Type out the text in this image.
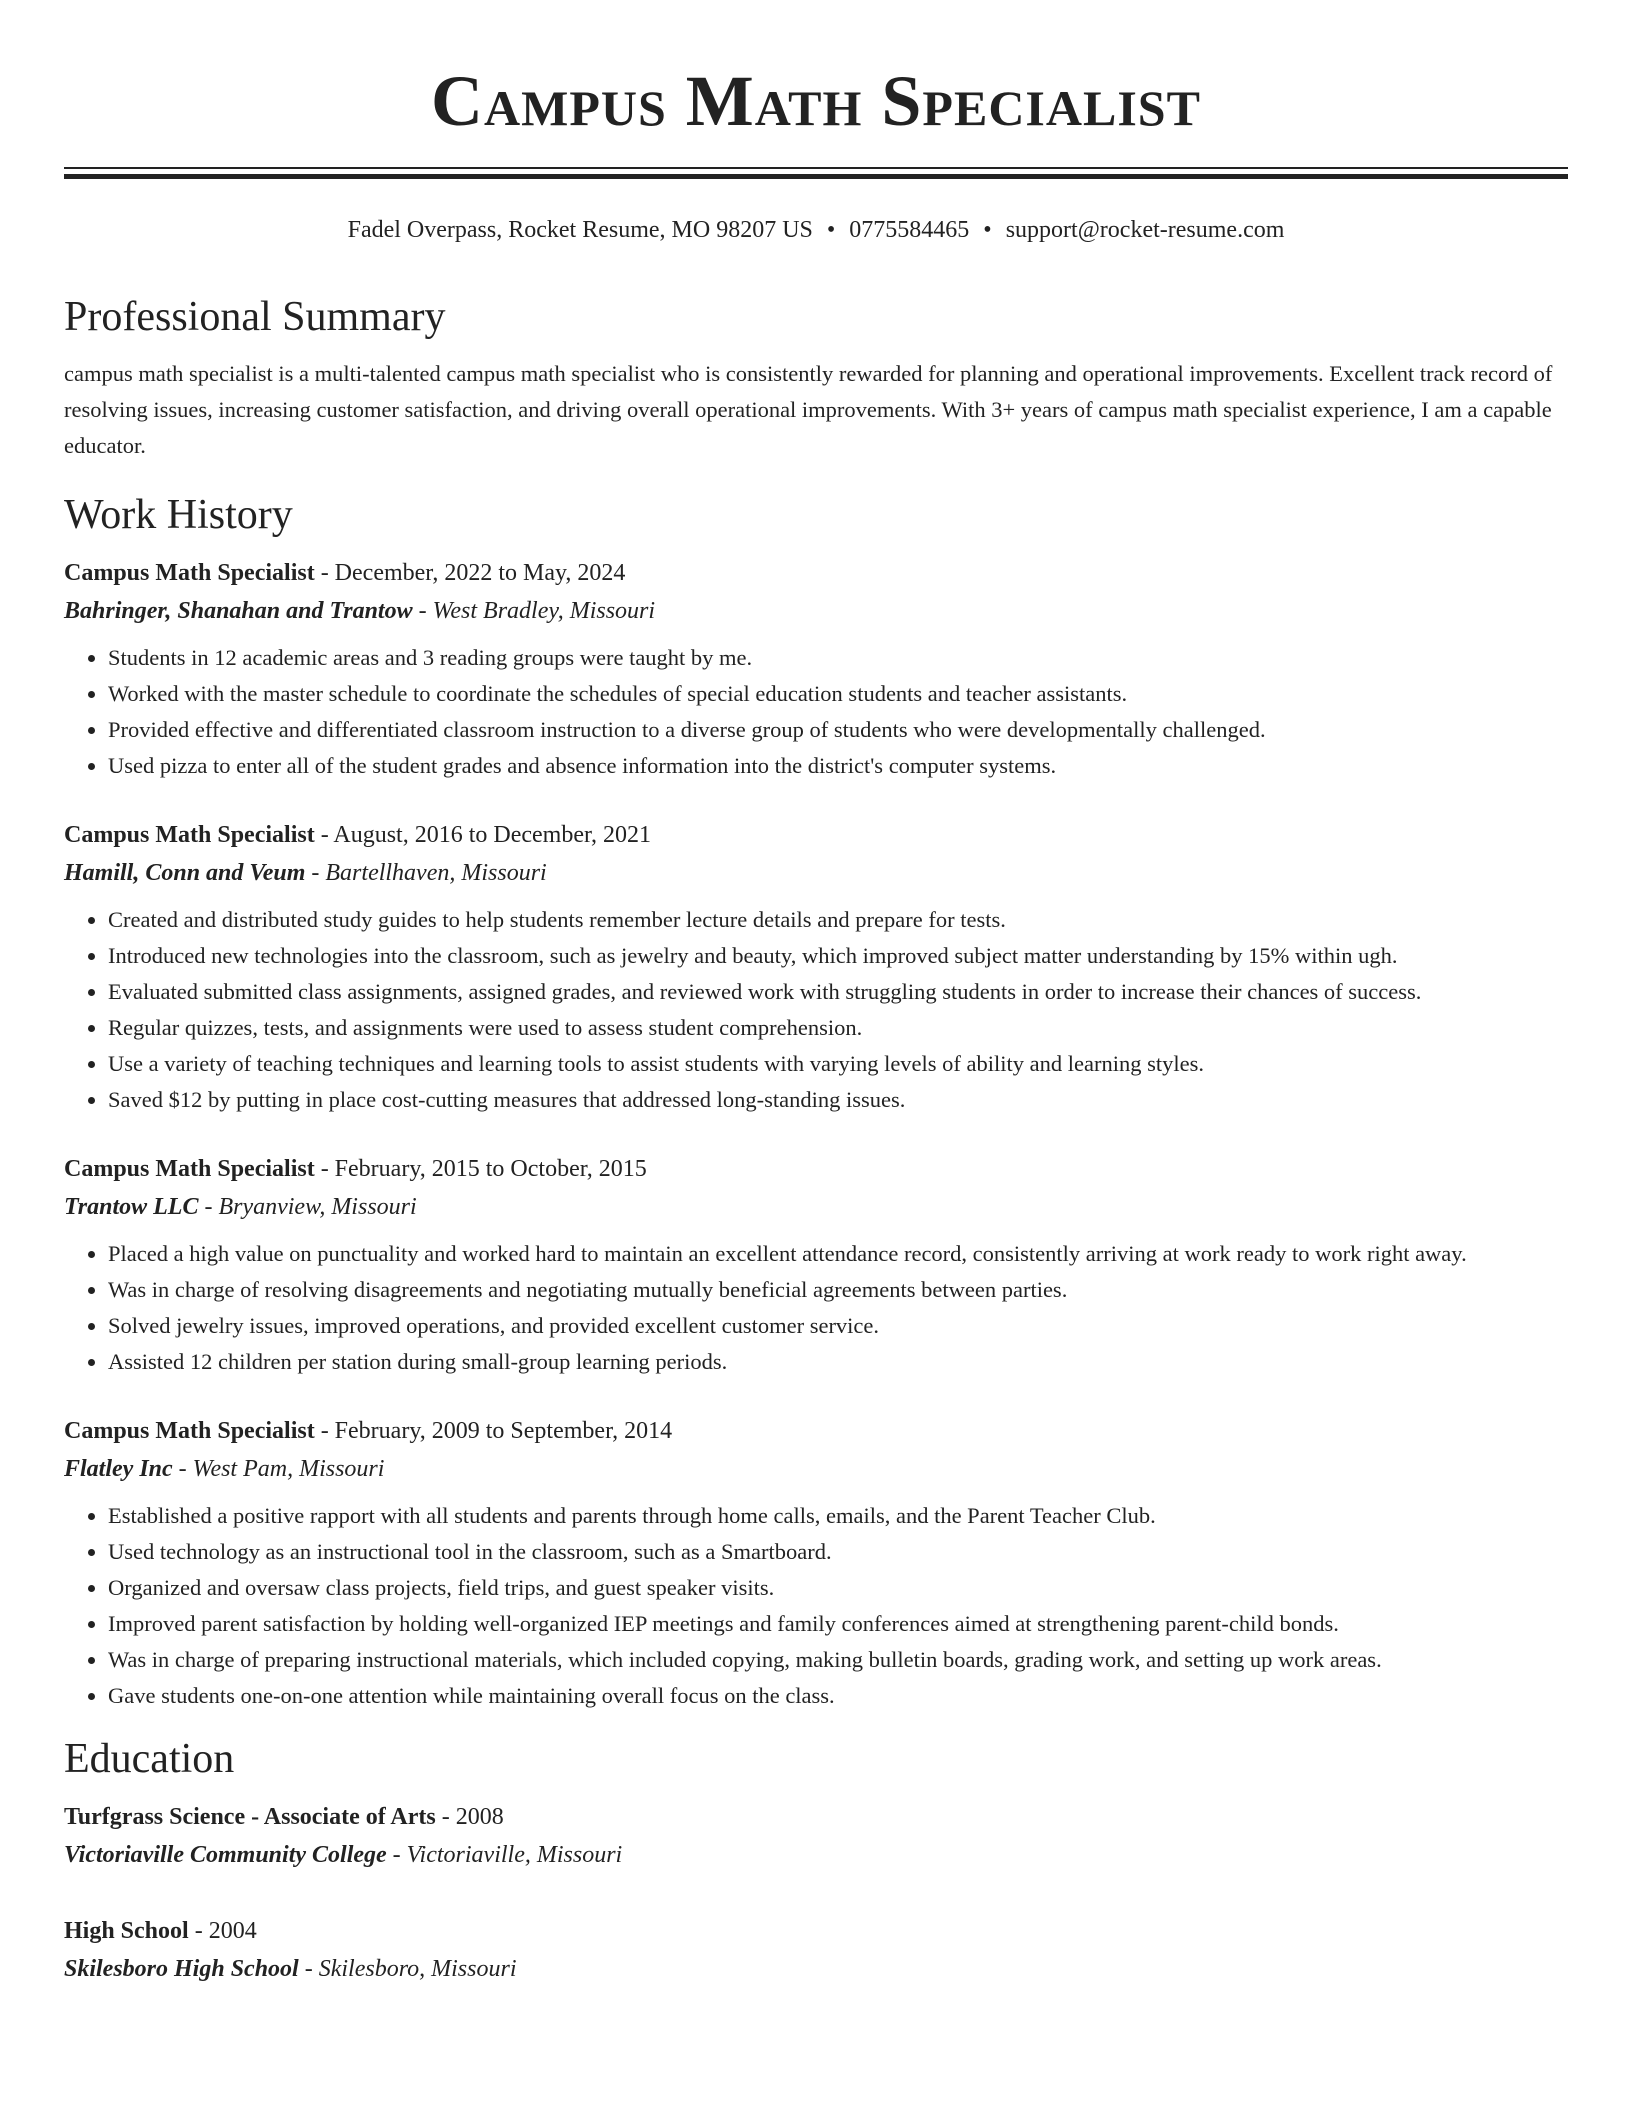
Campus Math Specialist
Fadel Overpass, Rocket Resume, MO 98207 US • 0775584465 • support@rocket-resume.com
Professional Summary

campus math specialist is a multi-talented campus math specialist who is consistently rewarded for planning and operational improvements. Excellent track record of resolving issues, increasing customer satisfaction, and driving overall operational improvements. With 3+ years of campus math specialist experience, I am a capable educator.

Work History
Campus Math Specialist - December, 2022 to May, 2024
Bahringer, Shanahan and Trantow - West Bradley, Missouri
• Students in 12 academic areas and 3 reading groups were taught by me.
• Worked with the master schedule to coordinate the schedules of special education students and teacher assistants.
• Provided effective and differentiated classroom instruction to a diverse group of students who were developmentally challenged.
• Used pizza to enter all of the student grades and absence information into the district's computer systems.
Campus Math Specialist - August, 2016 to December, 2021
Hamill, Conn and Veum - Bartellhaven, Missouri
• Created and distributed study guides to help students remember lecture details and prepare for tests.
• Introduced new technologies into the classroom, such as jewelry and beauty, which improved subject matter understanding by 15% within ugh.
• Evaluated submitted class assignments, assigned grades, and reviewed work with struggling students in order to increase their chances of success.
• Regular quizzes, tests, and assignments were used to assess student comprehension.
• Use a variety of teaching techniques and learning tools to assist students with varying levels of ability and learning styles.
• Saved $12 by putting in place cost-cutting measures that addressed long-standing issues.
Campus Math Specialist - February, 2015 to October, 2015
Trantow LLC - Bryanview, Missouri
• Placed a high value on punctuality and worked hard to maintain an excellent attendance record, consistently arriving at work ready to work right away.
• Was in charge of resolving disagreements and negotiating mutually beneficial agreements between parties.
• Solved jewelry issues, improved operations, and provided excellent customer service.
• Assisted 12 children per station during small-group learning periods.
Campus Math Specialist - February, 2009 to September, 2014
Flatley Inc - West Pam, Missouri
• Established a positive rapport with all students and parents through home calls, emails, and the Parent Teacher Club.
• Used technology as an instructional tool in the classroom, such as a Smartboard.
• Organized and oversaw class projects, field trips, and guest speaker visits.
• Improved parent satisfaction by holding well-organized IEP meetings and family conferences aimed at strengthening parent-child bonds.
• Was in charge of preparing instructional materials, which included copying, making bulletin boards, grading work, and setting up work areas.
• Gave students one-on-one attention while maintaining overall focus on the class.
Education
Turfgrass Science - Associate of Arts - 2008
Victoriaville Community College - Victoriaville, Missouri
High School - 2004
Skilesboro High School - Skilesboro, Missouri
